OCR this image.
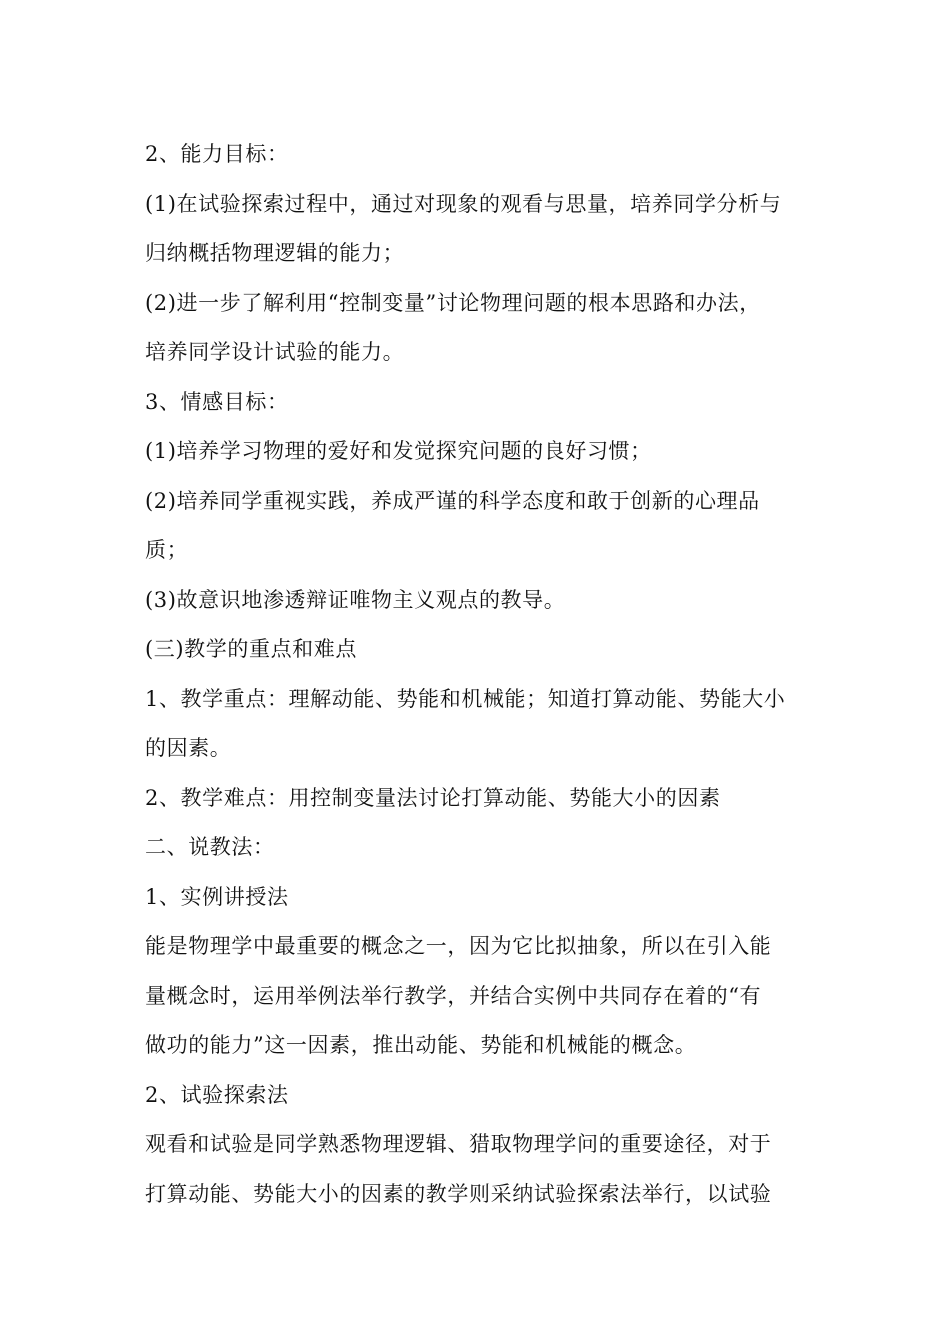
2、能力目标：
(1)在试验探索过程中，通过对现象的观看与思量，培养同学分析与
归纳概括物理逻辑的能力；
(2)进一步了解利用“控制变量”讨论物理问题的根本思路和办法，
培养同学设计试验的能力。
3、情感目标：
(1)培养学习物理的爱好和发觉探究问题的良好习惯；
(2)培养同学重视实践，养成严谨的科学态度和敢于创新的心理品
质；
(3)故意识地渗透辩证唯物主义观点的教导。
(三)教学的重点和难点
1、教学重点：理解动能、势能和机械能；知道打算动能、势能大小
的因素。
2、教学难点：用控制变量法讨论打算动能、势能大小的因素
二、说教法：
1、实例讲授法
能是物理学中最重要的概念之一，因为它比拟抽象，所以在引入能
量概念时，运用举例法举行教学，并结合实例中共同存在着的“有
做功的能力”这一因素，推出动能、势能和机械能的概念。
2、试验探索法
观看和试验是同学熟悉物理逻辑、猎取物理学问的重要途径，对于
打算动能、势能大小的因素的教学则采纳试验探索法举行，以试验
